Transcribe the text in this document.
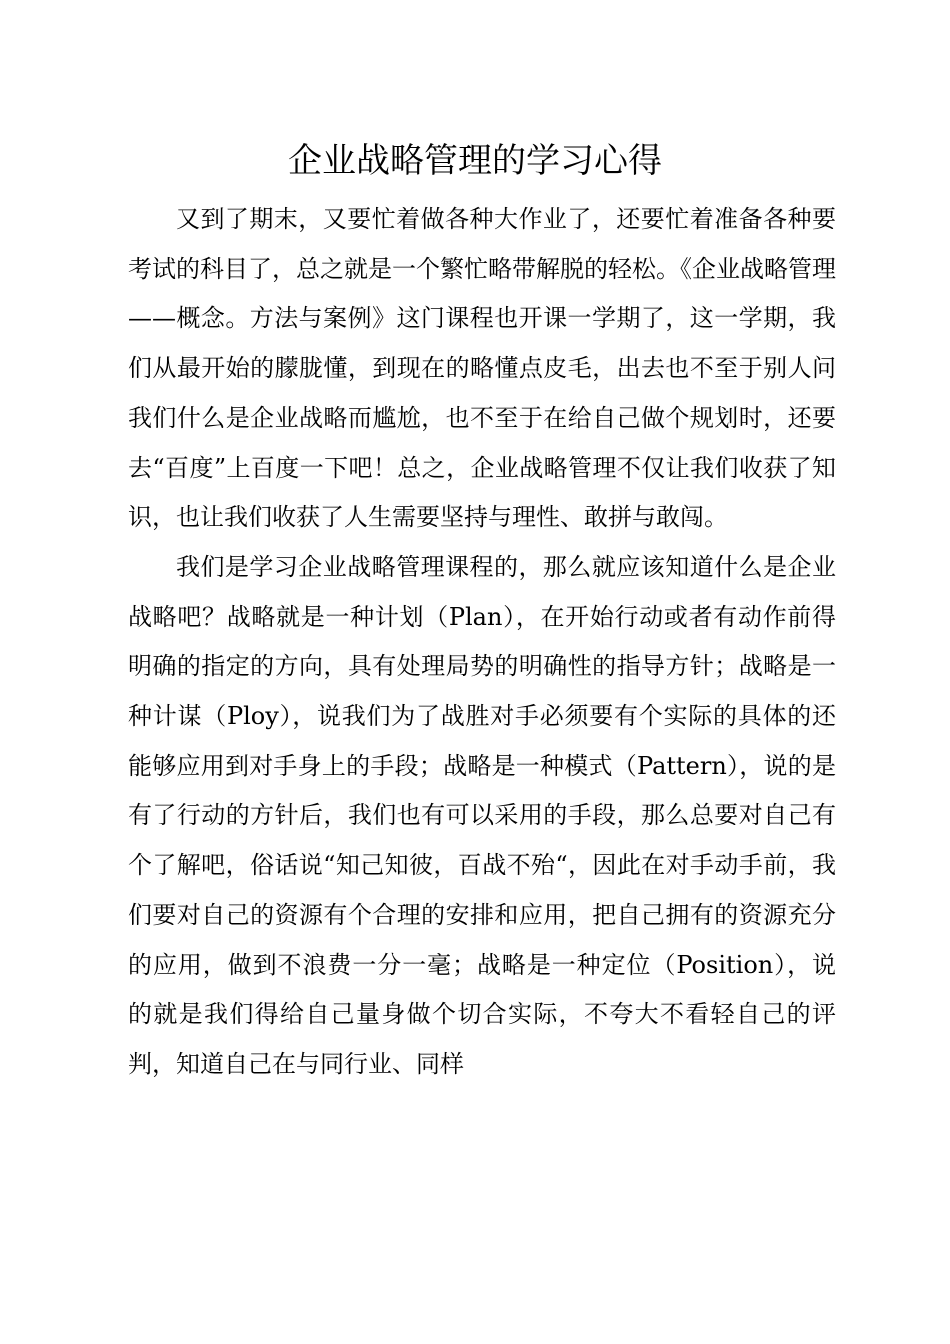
企业战略管理的学习心得

又到了期末，又要忙着做各种大作业了，还要忙着准备各种要考试的科目了，总之就是一个繁忙略带解脱的轻松。《企业战略管理——概念。方法与案例》这门课程也开课一学期了，这一学期，我们从最开始的朦胧懂，到现在的略懂点皮毛，出去也不至于别人问我们什么是企业战略而尴尬，也不至于在给自己做个规划时，还要去“百度”上百度一下吧！总之，企业战略管理不仅让我们收获了知识，也让我们收获了人生需要坚持与理性、敢拼与敢闯。

我们是学习企业战略管理课程的，那么就应该知道什么是企业战略吧？战略就是一种计划（Plan），在开始行动或者有动作前得明确的指定的方向，具有处理局势的明确性的指导方针；战略是一种计谋（Ploy），说我们为了战胜对手必须要有个实际的具体的还能够应用到对手身上的手段；战略是一种模式（Pattern），说的是有了行动的方针后，我们也有可以采用的手段，那么总要对自己有个了解吧，俗话说“知己知彼，百战不殆“，因此在对手动手前，我们要对自己的资源有个合理的安排和应用，把自己拥有的资源充分的应用，做到不浪费一分一毫；战略是一种定位（Position），说的就是我们得给自己量身做个切合实际，不夸大不看轻自己的评判，知道自己在与同行业、同样
